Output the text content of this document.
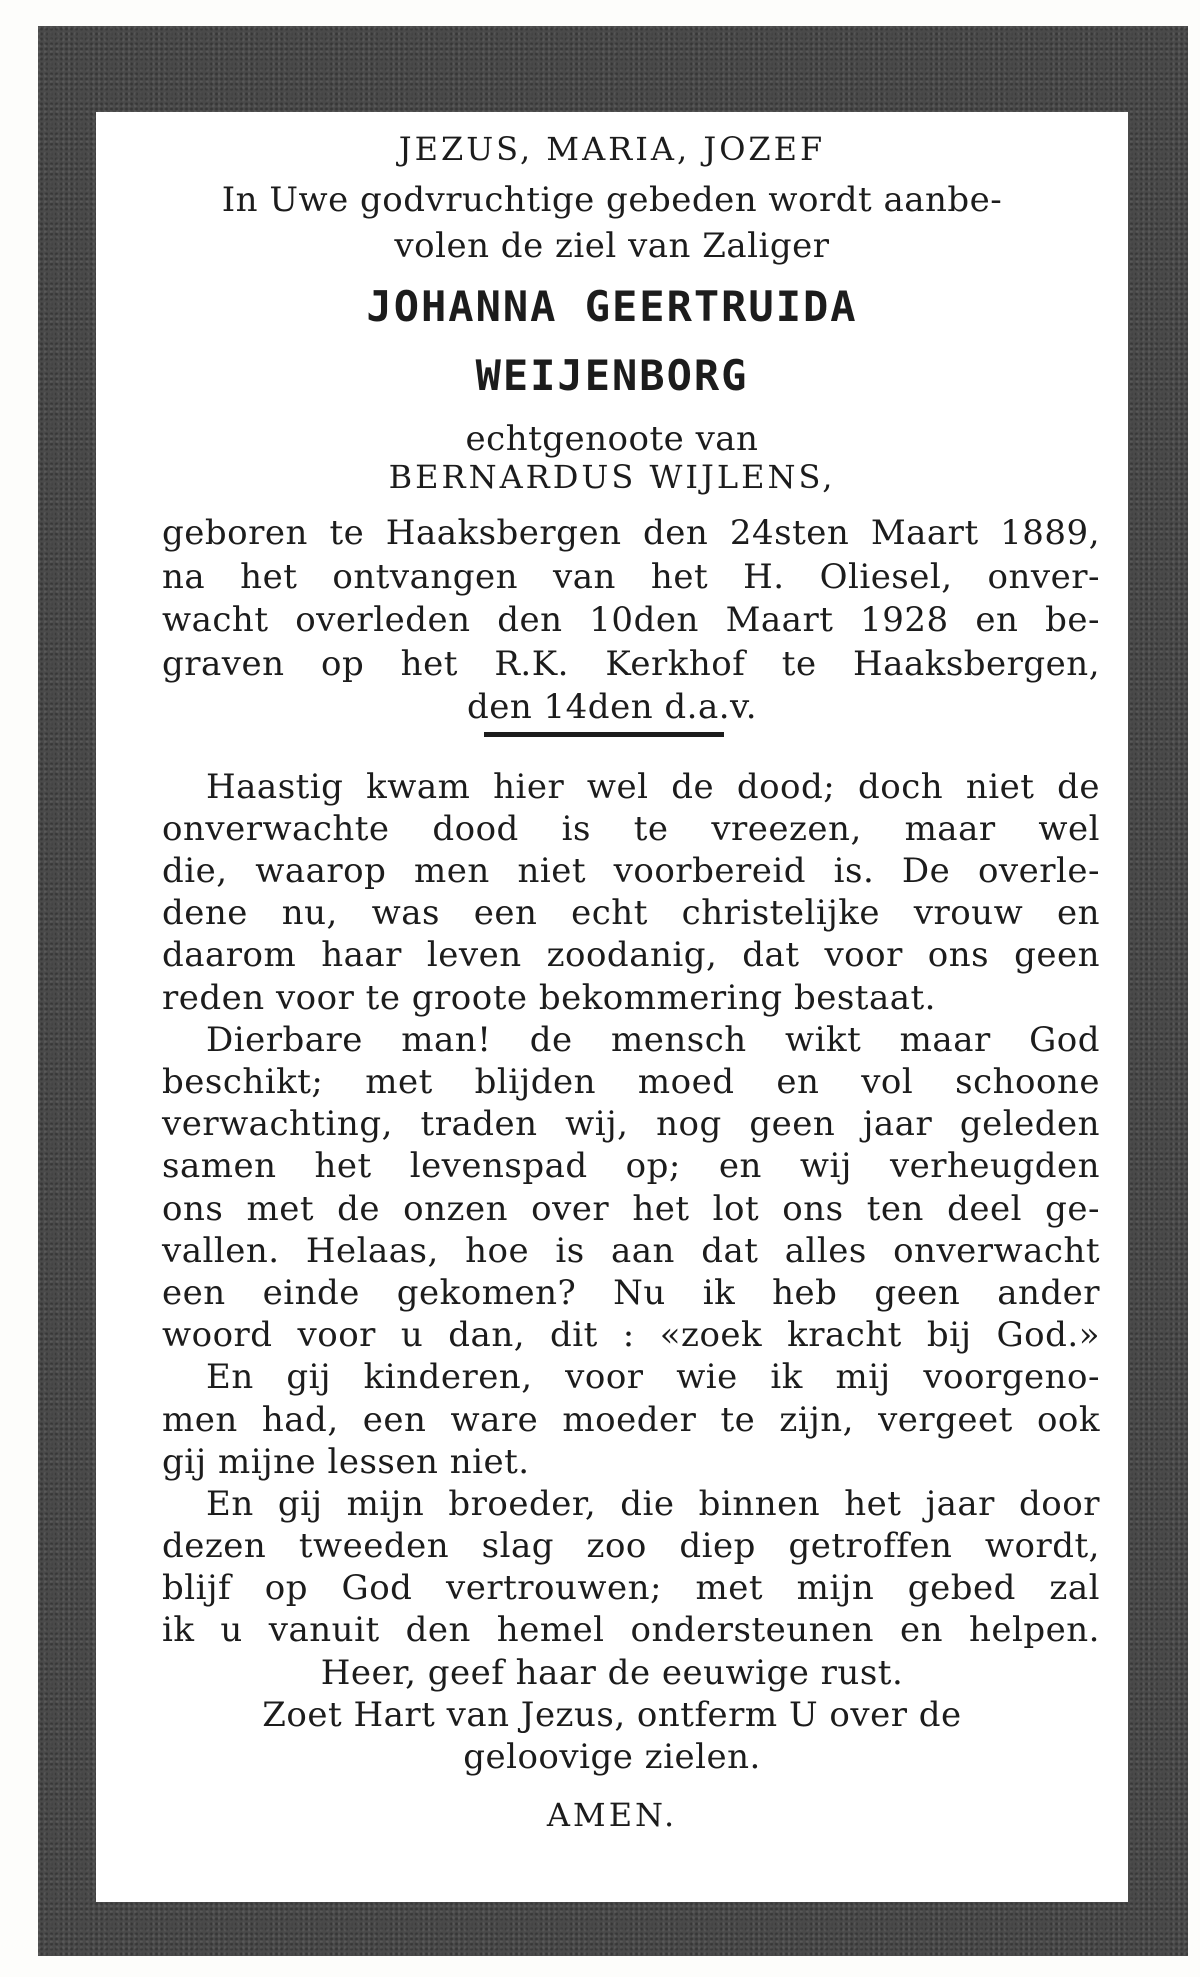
JEZUS, MARIA, JOZEF
In Uwe godvruchtige gebeden wordt aanbe-
volen de ziel van Zaliger
JOHANNA GEERTRUIDA
WEIJENBORG
echtgenoote van
BERNARDUS WIJLENS,
geboren te Haaksbergen den 24sten Maart 1889,
na het ontvangen van het H. Oliesel, onver-
wacht overleden den 10den Maart 1928 en be-
graven op het R.K. Kerkhof te Haaksbergen,
den 14den d.a.v.
Haastig kwam hier wel de dood; doch niet de
onverwachte dood is te vreezen, maar wel
die, waarop men niet voorbereid is. De overle-
dene nu, was een echt christelijke vrouw en
daarom haar leven zoodanig, dat voor ons geen
reden voor te groote bekommering bestaat.
Dierbare man! de mensch wikt maar God
beschikt; met blijden moed en vol schoone
verwachting, traden wij, nog geen jaar geleden
samen het levenspad op; en wij verheugden
ons met de onzen over het lot ons ten deel ge-
vallen. Helaas, hoe is aan dat alles onverwacht
een einde gekomen? Nu ik heb geen ander
woord voor u dan, dit : «zoek kracht bij God.»
En gij kinderen, voor wie ik mij voorgeno-
men had, een ware moeder te zijn, vergeet ook
gij mijne lessen niet.
En gij mijn broeder, die binnen het jaar door
dezen tweeden slag zoo diep getroffen wordt,
blijf op God vertrouwen; met mijn gebed zal
ik u vanuit den hemel ondersteunen en helpen.
Heer, geef haar de eeuwige rust.
Zoet Hart van Jezus, ontferm U over de
geloovige zielen.
AMEN.
